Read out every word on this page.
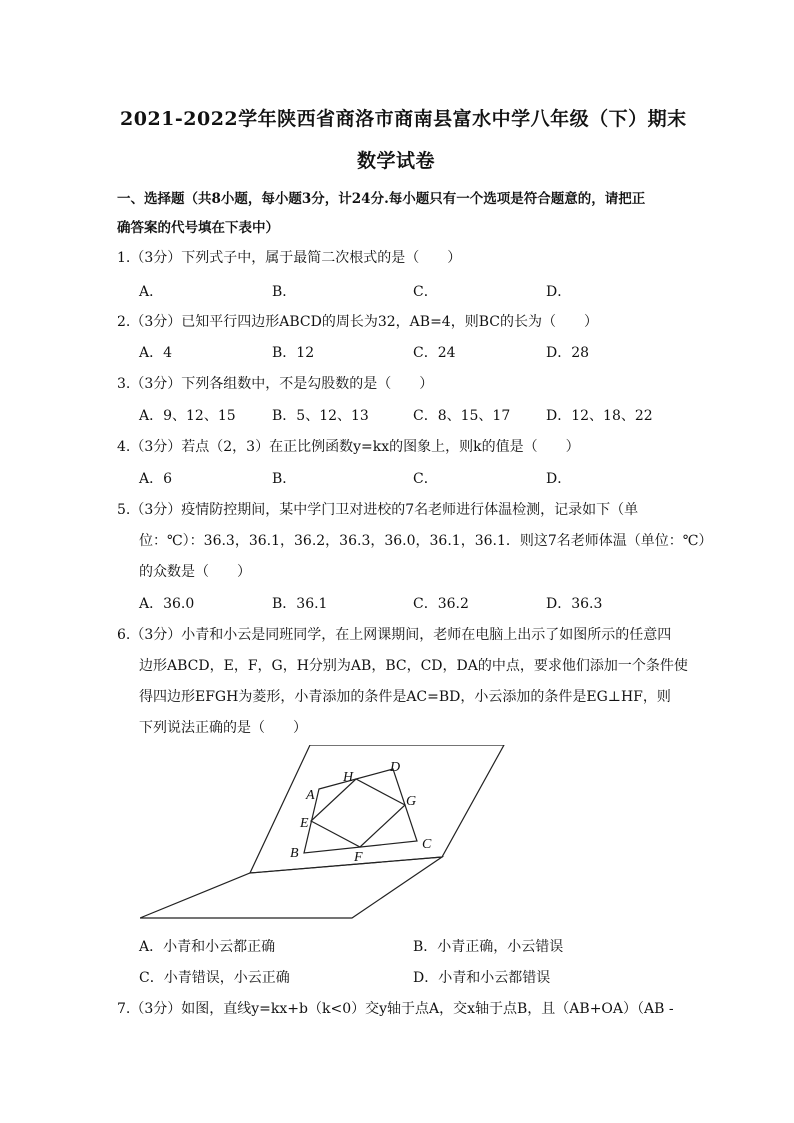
2021-2022学年陕西省商洛市商南县富水中学八年级（下）期末
数学试卷
一、选择题（共8小题，每小题3分，计24分.每小题只有一个选项是符合题意的，请把正
确答案的代号填在下表中）
1.（3分）下列式子中，属于最简二次根式的是（　　）
A．	B．	C．	D．
2.（3分）已知平行四边形ABCD的周长为32，AB=4，则BC的长为（　　）
A．4	B．12	C．24	D．28
3.（3分）下列各组数中，不是勾股数的是（　　）
A．9、12、15	B．5、12、13	C．8、15、17	D．12、18、22
4.（3分）若点（2，3）在正比例函数y=kx的图象上，则k的值是（　　）
A．6	B．	C．	D．
5.（3分）疫情防控期间，某中学门卫对进校的7名老师进行体温检测，记录如下（单
位：℃）：36.3，36.1，36.2，36.3，36.0，36.1，36.1．则这7名老师体温（单位：℃）
的众数是（　　）
A．36.0	B．36.1	C．36.2	D．36.3
6.（3分）小青和小云是同班同学，在上网课期间，老师在电脑上出示了如图所示的任意四
边形ABCD，E，F，G，H分别为AB，BC，CD，DA的中点，要求他们添加一个条件使
得四边形EFGH为菱形，小青添加的条件是AC=BD，小云添加的条件是EG⊥HF，则
下列说法正确的是（　　）
A
B
C
D
E
F
G
H
A．小青和小云都正确	B．小青正确，小云错误
C．小青错误，小云正确	D．小青和小云都错误
7.（3分）如图，直线y=kx+b（k<0）交y轴于点A，交x轴于点B，且（AB+OA）（AB -
